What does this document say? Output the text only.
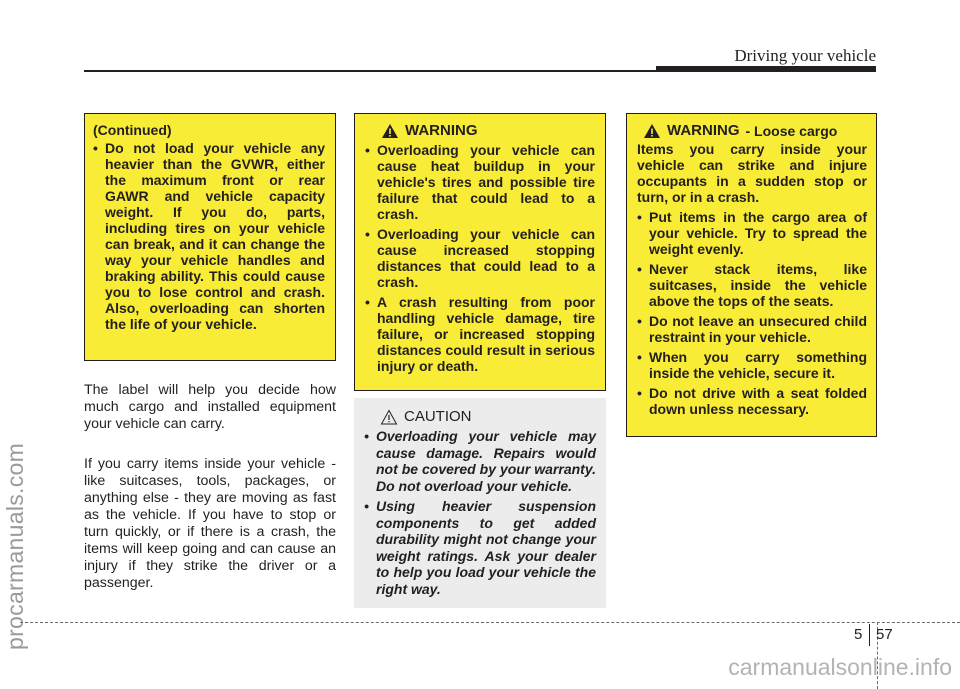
Driving your vehicle
procarmanuals.com
(Continued)
• Do not load your vehicle any heavier than the GVWR, either the maximum front or rear GAWR and vehicle capacity weight. If you do, parts, including tires on your vehicle can break, and it can change the way your vehicle handles and braking ability. This could cause you to lose control and crash. Also, overloading can shorten the life of your vehicle.

The label will help you decide how much cargo and installed equipment your vehicle can carry.

If you carry items inside your vehicle - like suitcases, tools, packages, or anything else - they are moving as fast as the vehicle. If you have to stop or turn quickly, or if there is a crash, the items will keep going and can cause an injury if they strike the driver or a passenger.

WARNING
• Overloading your vehicle can cause heat buildup in your vehicle's tires and possible tire failure that could lead to a crash.
• Overloading your vehicle can cause increased stopping distances that could lead to a crash.
• A crash resulting from poor handling vehicle damage, tire failure, or increased stopping distances could result in serious injury or death.
CAUTION
• Overloading your vehicle may cause damage. Repairs would not be covered by your warranty. Do not overload your vehicle.
• Using heavier suspension components to get added durability might not change your weight ratings. Ask your dealer to help you load your vehicle the right way.
WARNING - Loose cargo
Items you carry inside your vehicle can strike and injure occupants in a sudden stop or turn, or in a crash.
• Put items in the cargo area of your vehicle. Try to spread the weight evenly.
• Never stack items, like suitcases, inside the vehicle above the tops of the seats.
• Do not leave an unsecured child restraint in your vehicle.
• When you carry something inside the vehicle, secure it.
• Do not drive with a seat folded down unless necessary.
5 57
carmanualsonline.info
